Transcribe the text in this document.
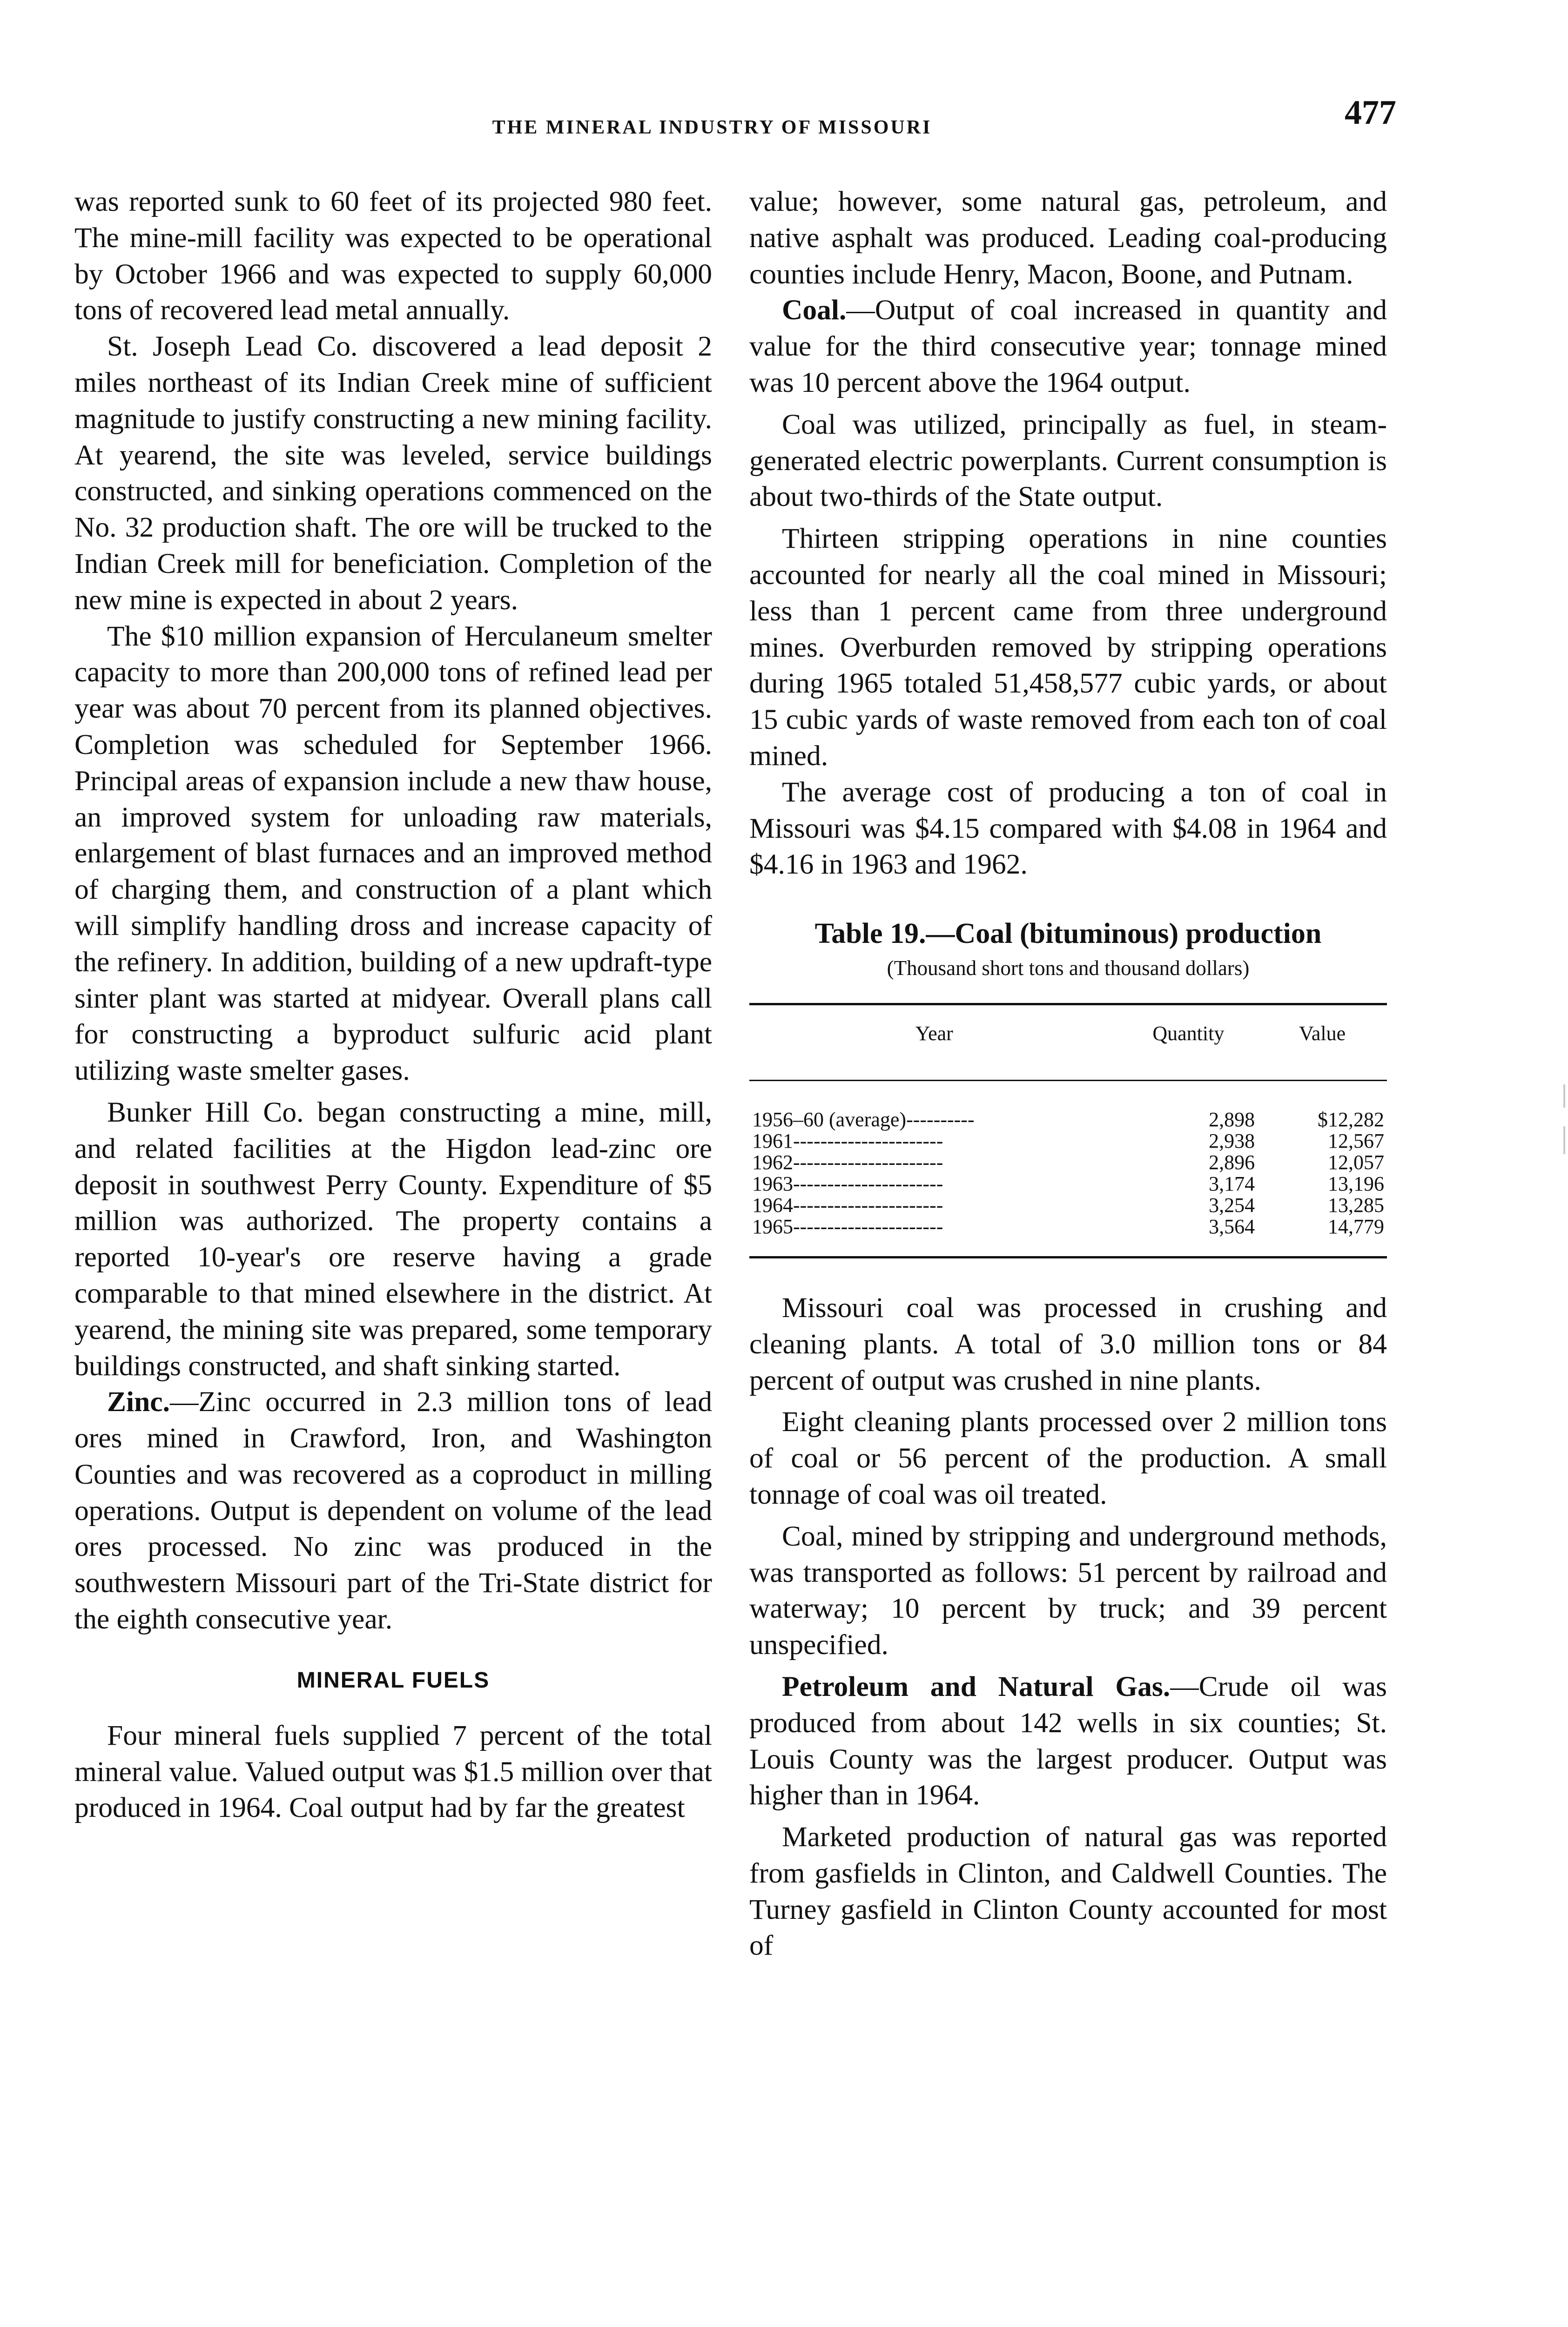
THE MINERAL INDUSTRY OF MISSOURI	477

was reported sunk to 60 feet of its projected 980 feet. The mine-mill facility was expected to be operational by October 1966 and was expected to supply 60,000 tons of recovered lead metal annually.

St. Joseph Lead Co. discovered a lead deposit 2 miles northeast of its Indian Creek mine of sufficient magnitude to justify constructing a new mining facility. At yearend, the site was leveled, service buildings constructed, and sinking operations commenced on the No. 32 production shaft. The ore will be trucked to the Indian Creek mill for beneficiation. Completion of the new mine is expected in about 2 years.

The $10 million expansion of Herculaneum smelter capacity to more than 200,000 tons of refined lead per year was about 70 percent from its planned objectives. Completion was scheduled for September 1966. Principal areas of expansion include a new thaw house, an improved system for unloading raw materials, enlargement of blast furnaces and an improved method of charging them, and construction of a plant which will simplify handling dross and increase capacity of the refinery. In addition, building of a new updraft-type sinter plant was started at midyear. Overall plans call for constructing a byproduct sulfuric acid plant utilizing waste smelter gases.

Bunker Hill Co. began constructing a mine, mill, and related facilities at the Higdon lead-zinc ore deposit in southwest Perry County. Expenditure of $5 million was authorized. The property contains a reported 10-year's ore reserve having a grade comparable to that mined elsewhere in the district. At yearend, the mining site was prepared, some temporary buildings constructed, and shaft sinking started.

Zinc.—Zinc occurred in 2.3 million tons of lead ores mined in Crawford, Iron, and Washington Counties and was recovered as a coproduct in milling operations. Output is dependent on volume of the lead ores processed. No zinc was produced in the southwestern Missouri part of the Tri-State district for the eighth consecutive year.

MINERAL FUELS

Four mineral fuels supplied 7 percent of the total mineral value. Valued output was $1.5 million over that produced in 1964. Coal output had by far the greatest

value; however, some natural gas, petroleum, and native asphalt was produced. Leading coal-producing counties include Henry, Macon, Boone, and Putnam.

Coal.—Output of coal increased in quantity and value for the third consecutive year; tonnage mined was 10 percent above the 1964 output.

Coal was utilized, principally as fuel, in steam-generated electric powerplants. Current consumption is about two-thirds of the State output.

Thirteen stripping operations in nine counties accounted for nearly all the coal mined in Missouri; less than 1 percent came from three underground mines. Overburden removed by stripping operations during 1965 totaled 51,458,577 cubic yards, or about 15 cubic yards of waste removed from each ton of coal mined.

The average cost of producing a ton of coal in Missouri was $4.15 compared with $4.08 in 1964 and $4.16 in 1963 and 1962.

Table 19.—Coal (bituminous) production
(Thousand short tons and thousand dollars)
Year	Quantity	Value
1956–60 (average)----------	2,898	$12,282
1961----------------------	2,938	12,567
1962----------------------	2,896	12,057
1963----------------------	3,174	13,196
1964----------------------	3,254	13,285
1965----------------------	3,564	14,779

Missouri coal was processed in crushing and cleaning plants. A total of 3.0 million tons or 84 percent of output was crushed in nine plants.

Eight cleaning plants processed over 2 million tons of coal or 56 percent of the production. A small tonnage of coal was oil treated.

Coal, mined by stripping and underground methods, was transported as follows: 51 percent by railroad and waterway; 10 percent by truck; and 39 percent unspecified.

Petroleum and Natural Gas.—Crude oil was produced from about 142 wells in six counties; St. Louis County was the largest producer. Output was higher than in 1964.

Marketed production of natural gas was reported from gasfields in Clinton, and Caldwell Counties. The Turney gasfield in Clinton County accounted for most of
